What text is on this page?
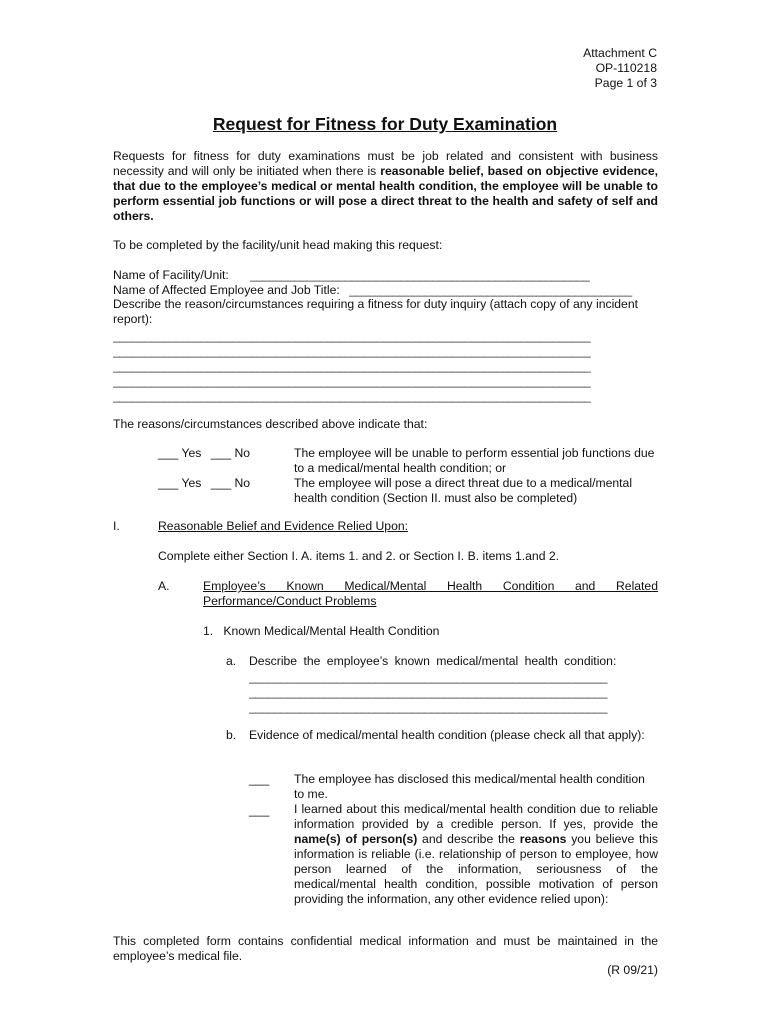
Attachment C
OP-110218
Page 1 of 3
Request for Fitness for Duty Examination
Requests for fitness for duty examinations must be job related and consistent with business necessity and will only be initiated when there is reasonable belief, based on objective evidence, that due to the employee’s medical or mental health condition, the employee will be unable to perform essential job functions or will pose a direct threat to the health and safety of self and others.
To be completed by the facility/unit head making this request:
Name of Facility/Unit: ______________________________________________________
Name of Affected Employee and Job Title: _____________________________________________
Describe the reason/circumstances requiring a fitness for duty inquiry (attach copy of any incident report):
____________________________________________________________________________
____________________________________________________________________________
____________________________________________________________________________
____________________________________________________________________________
____________________________________________________________________________
The reasons/circumstances described above indicate that:
___ Yes ___ No	The employee will be unable to perform essential job functions due to a medical/mental health condition; or
___ Yes ___ No	The employee will pose a direct threat due to a medical/mental health condition (Section II. must also be completed)
I.	Reasonable Belief and Evidence Relied Upon:
Complete either Section I. A. items 1. and 2. or Section I. B. items 1.and 2.
A.	Employee’s Known Medical/Mental Health Condition and Related Performance/Conduct Problems
1.   Known Medical/Mental Health Condition
a. Describe the employee’s known medical/mental health condition:
_________________________________________________________
_________________________________________________________
_________________________________________________________
b. Evidence of medical/mental health condition (please check all that apply):
___ The employee has disclosed this medical/mental health condition to me.
___ I learned about this medical/mental health condition due to reliable information provided by a credible person. If yes, provide the name(s) of person(s) and describe the reasons you believe this information is reliable (i.e. relationship of person to employee, how person learned of the information, seriousness of the medical/mental health condition, possible motivation of person providing the information, any other evidence relied upon):
This completed form contains confidential medical information and must be maintained in the employee’s medical file.
(R 09/21)
